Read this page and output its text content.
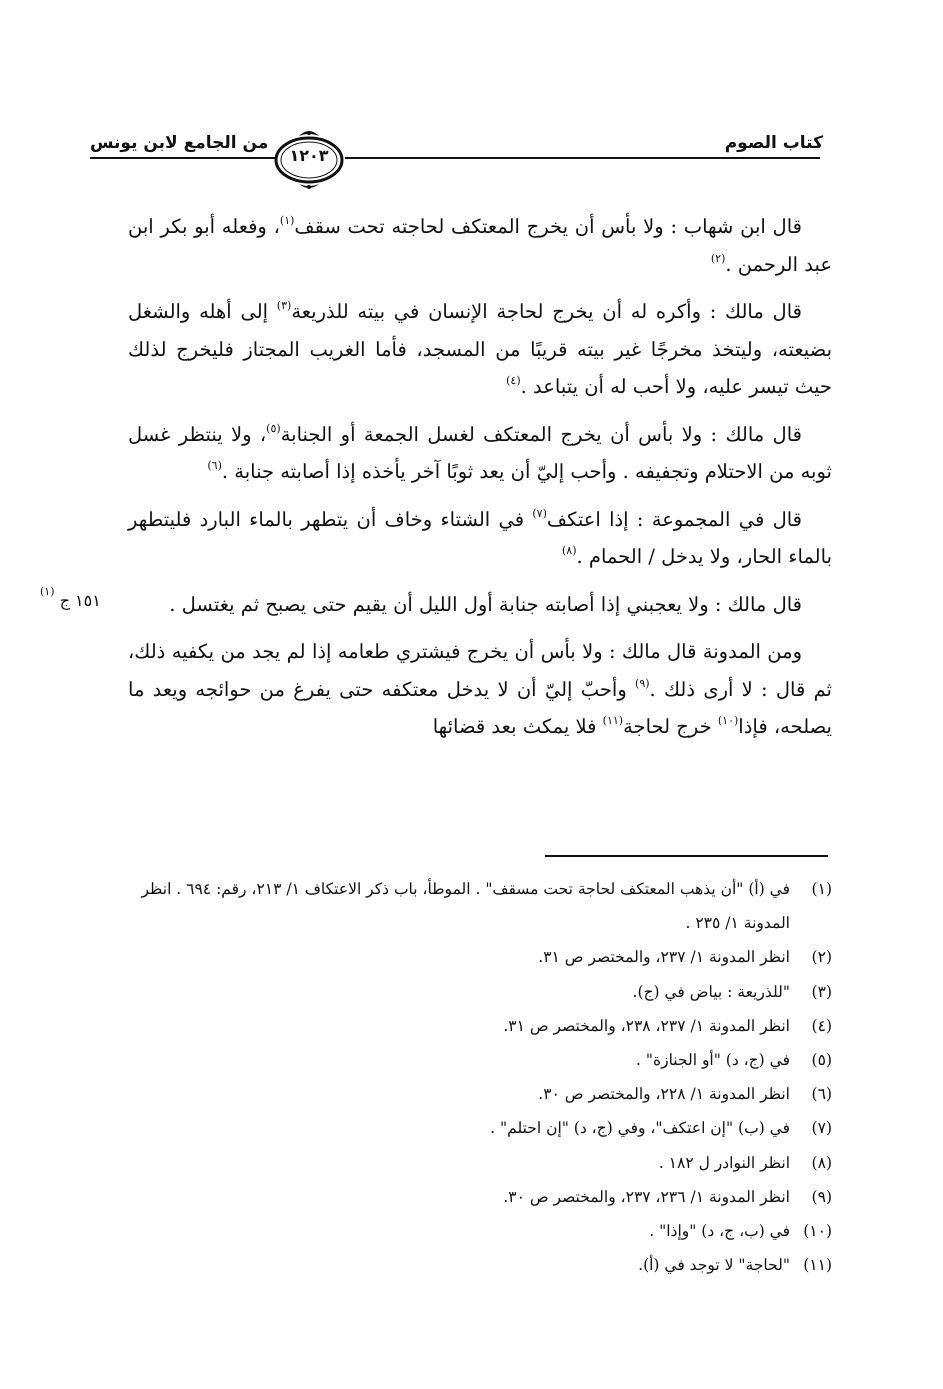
كتاب الصوم
من الجامع لابن يونس
١٢٠٣
١٥١ ج $^{(١)}$

قال ابن شهاب : ولا بأس أن يخرج المعتكف لحاجته تحت سقف$^{(١)}$، وفعله أبو بكر ابن عبد الرحمن .$^{(٢)}$

قال مالك : وأكره له أن يخرج لحاجة الإنسان في بيته للذريعة$^{(٣)}$ إلى أهله والشغل بضيعته، وليتخذ مخرجًا غير بيته قريبًا من المسجد، فأما الغريب المجتاز فليخرج لذلك حيث تيسر عليه، ولا أحب له أن يتباعد .$^{(٤)}$

قال مالك : ولا بأس أن يخرج المعتكف لغسل الجمعة أو الجنابة$^{(٥)}$، ولا ينتظر غسل ثوبه من الاحتلام وتجفيفه . وأحب إليّ أن يعد ثوبًا آخر يأخذه إذا أصابته جنابة .$^{(٦)}$

قال في المجموعة : إذا اعتكف$^{(٧)}$ في الشتاء وخاف أن يتطهر بالماء البارد فليتطهر بالماء الحار، ولا يدخل / الحمام .$^{(٨)}$

قال مالك : ولا يعجبني إذا أصابته جنابة أول الليل أن يقيم حتى يصبح ثم يغتسل .

ومن المدونة قال مالك : ولا بأس أن يخرج فيشتري طعامه إذا لم يجد من يكفيه ذلك، ثم قال : لا أرى ذلك .$^{(٩)}$ وأحبّ إليّ أن لا يدخل معتكفه حتى يفرغ من حوائجه ويعد ما يصلحه، فإذا$^{(١٠)}$ خرج لحاجة$^{(١١)}$ فلا يمكث بعد قضائها

(١)
في (أ) "أن يذهب المعتكف لحاجة تحت مسقف" . الموطأ، باب ذكر الاعتكاف ١/ ٢١٣، رقم: ٦٩٤ . انظر المدونة ١/ ٢٣٥ .

(٢)
انظر المدونة ١/ ٢٣٧، والمختصر ص ٣١.

(٣)
"للذريعة : بياض في (ج).

(٤)
انظر المدونة ١/ ٢٣٧، ٢٣٨، والمختصر ص ٣١.

(٥)
في (ج، د) "أو الجنازة" .

(٦)
انظر المدونة ١/ ٢٢٨، والمختصر ص ٣٠.

(٧)
في (ب) "إن اعتكف"، وفي (ج، د) "إن احتلم" .

(٨)
انظر النوادر ل ١٨٢ .

(٩)
انظر المدونة ١/ ٢٣٦، ٢٣٧، والمختصر ص ٣٠.

(١٠)
في (ب، ج، د) "وإذا" .

(١١)
"لحاجة" لا توجد في (أ).
